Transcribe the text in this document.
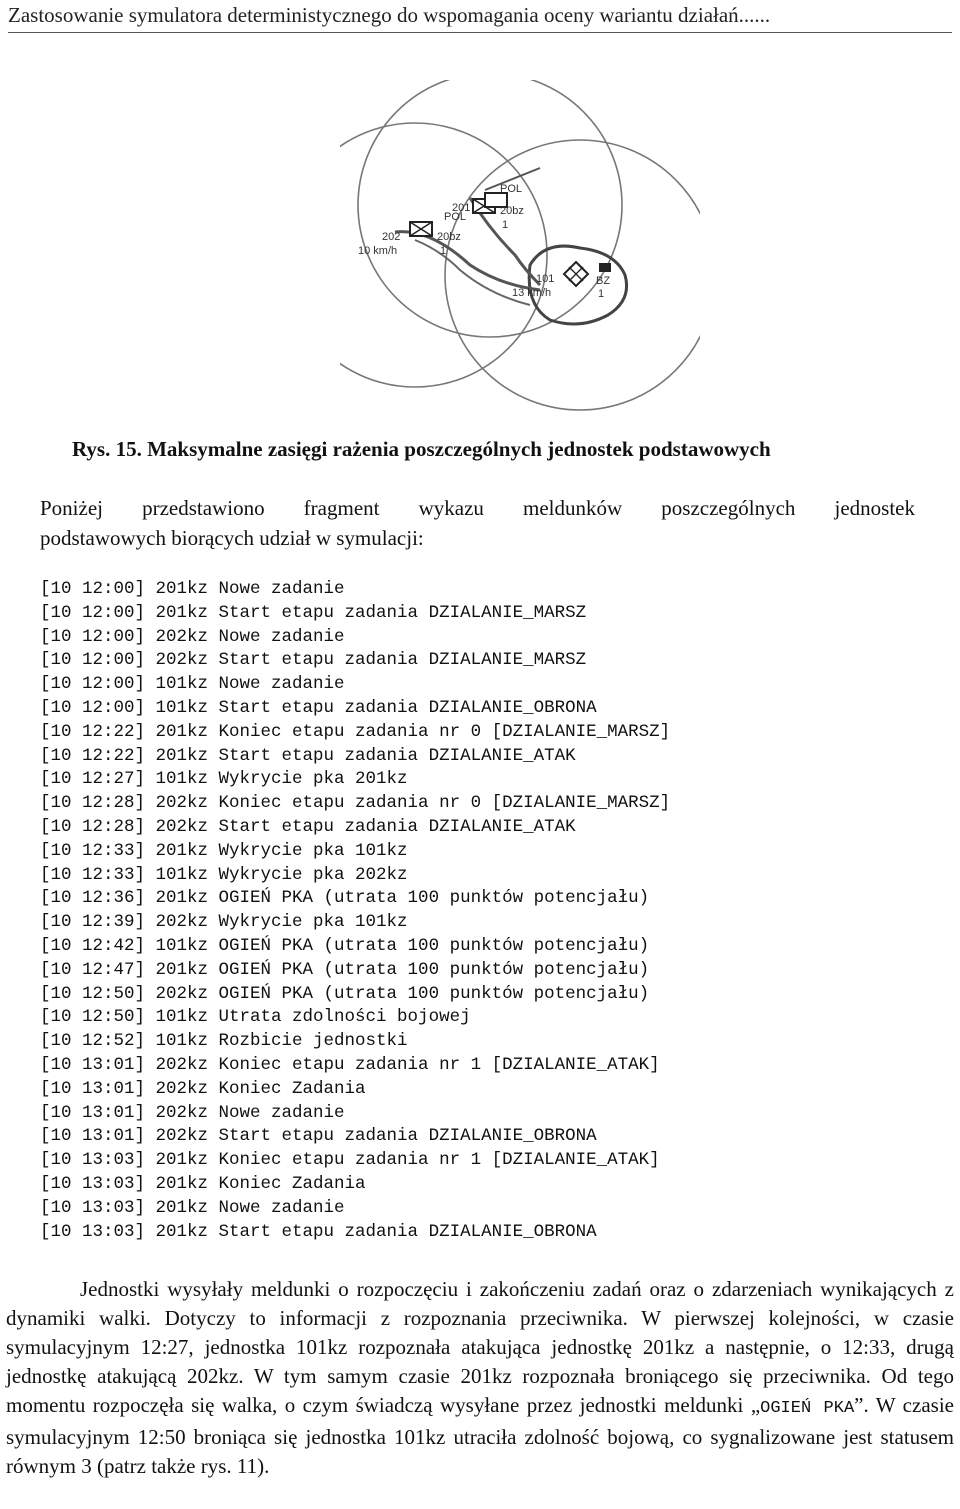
Zastosowanie symulatora deterministycznego do wspomagania oceny wariantu działań......
POL
20bz
1
201
POL
202	20bz
10 km/h	1
101
13 km/h
BZ
1
Rys. 15. Maksymalne zasięgi rażenia poszczególnych jednostek podstawowych
Poniżej przedstawiono fragment wykazu meldunków poszczególnych jednostek
podstawowych biorących udział w symulacji:
[10 12:00] 201kz Nowe zadanie
[10 12:00] 201kz Start etapu zadania DZIALANIE_MARSZ
[10 12:00] 202kz Nowe zadanie
[10 12:00] 202kz Start etapu zadania DZIALANIE_MARSZ
[10 12:00] 101kz Nowe zadanie
[10 12:00] 101kz Start etapu zadania DZIALANIE_OBRONA
[10 12:22] 201kz Koniec etapu zadania nr 0 [DZIALANIE_MARSZ]
[10 12:22] 201kz Start etapu zadania DZIALANIE_ATAK
[10 12:27] 101kz Wykrycie pka 201kz
[10 12:28] 202kz Koniec etapu zadania nr 0 [DZIALANIE_MARSZ]
[10 12:28] 202kz Start etapu zadania DZIALANIE_ATAK
[10 12:33] 201kz Wykrycie pka 101kz
[10 12:33] 101kz Wykrycie pka 202kz
[10 12:36] 201kz OGIEŃ PKA (utrata 100 punktów potencjału)
[10 12:39] 202kz Wykrycie pka 101kz
[10 12:42] 101kz OGIEŃ PKA (utrata 100 punktów potencjału)
[10 12:47] 201kz OGIEŃ PKA (utrata 100 punktów potencjału)
[10 12:50] 202kz OGIEŃ PKA (utrata 100 punktów potencjału)
[10 12:50] 101kz Utrata zdolności bojowej
[10 12:52] 101kz Rozbicie jednostki
[10 13:01] 202kz Koniec etapu zadania nr 1 [DZIALANIE_ATAK]
[10 13:01] 202kz Koniec Zadania
[10 13:01] 202kz Nowe zadanie
[10 13:01] 202kz Start etapu zadania DZIALANIE_OBRONA
[10 13:03] 201kz Koniec etapu zadania nr 1 [DZIALANIE_ATAK]
[10 13:03] 201kz Koniec Zadania
[10 13:03] 201kz Nowe zadanie
[10 13:03] 201kz Start etapu zadania DZIALANIE_OBRONA
Jednostki wysyłały meldunki o rozpoczęciu i zakończeniu zadań oraz o zdarzeniach wynikających z dynamiki walki. Dotyczy to informacji z rozpoznania przeciwnika. W pierwszej kolejności, w czasie symulacyjnym 12:27, jednostka 101kz rozpoznała atakująca jednostkę 201kz a następnie, o 12:33, drugą jednostkę atakującą 202kz. W tym samym czasie 201kz rozpoznała broniącego się przeciwnika. Od tego momentu rozpoczęła się walka, o czym świadczą wysyłane przez jednostki meldunki „OGIEŃ PKA”. W czasie symulacyjnym 12:50 broniąca się jednostka 101kz utraciła zdolność bojową, co sygnalizowane jest statusem równym 3 (patrz także rys. 11).
